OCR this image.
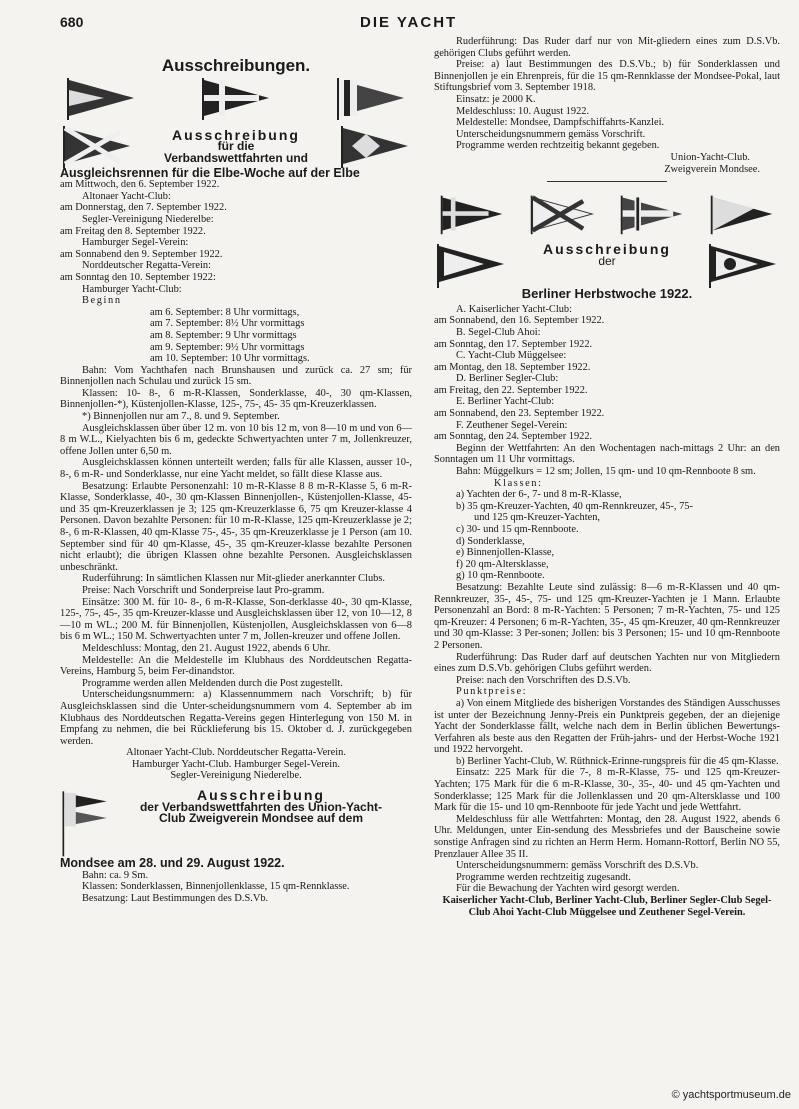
680	DIE YACHT
Ausschreibungen.
Ausschreibung
für die
Verbandswettfahrten und
Ausgleichsrennen für die Elbe-Woche auf der Elbe

am Mittwoch, den 6. September 1922.

Altonaer Yacht-Club:

am Donnerstag, den 7. September 1922.

Segler-Vereinigung Niederelbe:

am Freitag den 8. September 1922.

Hamburger Segel-Verein:

am Sonnabend den 9. September 1922.

Norddeutscher Regatta-Verein:

am Sonntag den 10. September 1922:

Hamburger Yacht-Club:

Beginn

am 6. September: 8 Uhr vormittags,

am 7. September: 8½ Uhr vormittags

am 8. September: 9 Uhr vormittags

am 9. September: 9½ Uhr vormittags

am 10. September: 10 Uhr vormittags.

Bahn: Vom Yachthafen nach Brunshausen und zurück ca. 27 sm; für Binnenjollen nach Schulau und zurück 15 sm.

Klassen: 10- 8-, 6 m-R-Klassen, Sonderklasse, 40-, 30 qm-Klassen, Binnenjollen-*), Küstenjollen-Klasse, 125-, 75-, 45- 35 qm-Kreuzerklassen.

*) Binnenjollen nur am 7., 8. und 9. September.

Ausgleichsklassen über über 12 m. von 10 bis 12 m, von 8—10 m und von 6—8 m W.L., Kielyachten bis 6 m, gedeckte Schwertyachten unter 7 m, Jollenkreuzer, offene Jollen unter 6,50 m.

Ausgleichsklassen können unterteilt werden; falls für alle Klassen, ausser 10-, 8-, 6 m-R- und Sonderklasse, nur eine Yacht meldet, so fällt diese Klasse aus.

Besatzung: Erlaubte Personenzahl: 10 m-R-Klasse 8 8 m-R-Klasse 5, 6 m-R-Klasse, Sonderklasse, 40-, 30 qm-Klassen Binnenjollen-, Küstenjollen-Klasse, 45- und 35 qm-Kreuzerklassen je 3; 125 qm-Kreuzerklasse 6, 75 qm Kreuzer-klasse 4 Personen. Davon bezahlte Personen: für 10 m-R-Klasse, 125 qm-Kreuzerklasse je 2; 8-, 6 m-R-Klassen, 40 qm-Klasse 75-, 45-, 35 qm-Kreuzerklasse je 1 Person (am 10. September sind für 40 qm-Klasse, 45-, 35 qm-Kreuzer-klasse bezahlte Personen nicht erlaubt); die übrigen Klassen ohne bezahlte Personen. Ausgleichsklassen unbeschränkt.

Ruderführung: In sämtlichen Klassen nur Mit-glieder anerkannter Clubs.

Preise: Nach Vorschrift und Sonderpreise laut Pro-gramm.

Einsätze: 300 M. für 10- 8-, 6 m-R-Klasse, Son-derklasse 40-, 30 qm-Klasse, 125-, 75-, 45-, 35 qm-Kreuzer-klasse und Ausgleichsklassen über 12, von 10—12, 8—10 m WL.; 200 M. für Binnenjollen, Küstenjollen, Ausgleichsklassen von 6—8 bis 6 m WL.; 150 M. Schwertyachten unter 7 m, Jollen-kreuzer und offene Jollen.

Meldeschluss: Montag, den 21. August 1922, abends 6 Uhr.

Meldestelle: An die Meldestelle im Klubhaus des Norddeutschen Regatta-Vereins, Hamburg 5, beim Fer-dinandstor.

Programme werden allen Meldenden durch die Post zugestellt.

Unterscheidungsnummern: a) Klassennummern nach Vorschrift; b) für Ausgleichsklassen sind die Unter-scheidungsnummern vom 4. September ab im Klubhaus des Norddeutschen Regatta-Vereins gegen Hinterlegung von 150 M. in Empfang zu nehmen, die bei Rücklieferung bis 15. Oktober d. J. zurückgegeben werden.

Altonaer Yacht-Club. Norddeutscher Regatta-Verein.

Hamburger Yacht-Club. Hamburger Segel-Verein.

Segler-Vereinigung Niederelbe.

Ausschreibung
der Verbandswettfahrten des Union-Yacht-
Club Zweigverein Mondsee auf dem
Mondsee am 28. und 29. August 1922.

Bahn: ca. 9 Sm.

Klassen: Sonderklassen, Binnenjollenklasse, 15 qm-Rennklasse.

Besatzung: Laut Bestimmungen des D.S.Vb.

Ruderführung: Das Ruder darf nur von Mit-gliedern eines zum D.S.Vb. gehörigen Clubs geführt werden.

Preise: a) laut Bestimmungen des D.S.Vb.; b) für Sonderklassen und Binnenjollen je ein Ehrenpreis, für die 15 qm-Rennklasse der Mondsee-Pokal, laut Stiftungsbrief vom 3. September 1918.

Einsatz: je 2000 K.

Meldeschluss: 10. August 1922.

Meldestelle: Mondsee, Dampfschiffahrts-Kanzlei.

Unterscheidungsnummern gemäss Vorschrift.

Programme werden rechtzeitig bekannt gegeben.

Union-Yacht-Club.

Zweigverein Mondsee.

Ausschreibung
der
Berliner Herbstwoche 1922.

A. Kaiserlicher Yacht-Club:

am Sonnabend, den 16. September 1922.

B. Segel-Club Ahoi:

am Sonntag, den 17. September 1922.

C. Yacht-Club Müggelsee:

am Montag, den 18. September 1922.

D. Berliner Segler-Club:

am Freitag, den 22. September 1922.

E. Berliner Yacht-Club:

am Sonnabend, den 23. September 1922.

F. Zeuthener Segel-Verein:

am Sonntag, den 24. September 1922.

Beginn der Wettfahrten: An den Wochentagen nach-mittags 2 Uhr: an den Sonntagen um 11 Uhr vormittags.

Bahn: Müggelkurs = 12 sm; Jollen, 15 qm- und 10 qm-Rennboote 8 sm.

Klassen:

a) Yachten der 6-, 7- und 8 m-R-Klasse,

b) 35 qm-Kreuzer-Yachten, 40 qm-Rennkreuzer, 45-, 75-

und 125 qm-Kreuzer-Yachten,

c) 30- und 15 qm-Rennboote.

d) Sonderklasse,

e) Binnenjollen-Klasse,

f) 20 qm-Altersklasse,

g) 10 qm-Rennboote.

Besatzung: Bezahlte Leute sind zulässig: 8—6 m-R-Klassen und 40 qm-Rennkreuzer, 35-, 45-, 75- und 125 qm-Kreuzer-Yachten je 1 Mann. Erlaubte Personenzahl an Bord: 8 m-R-Yachten: 5 Personen; 7 m-R-Yachten, 75- und 125 qm-Kreuzer: 4 Personen; 6 m-R-Yachten, 35-, 45 qm-Kreuzer, 40 qm-Rennkreuzer und 30 qm-Klasse: 3 Per-sonen; Jollen: bis 3 Personen; 15- und 10 qm-Rennboote 2 Personen.

Ruderführung: Das Ruder darf auf deutschen Yachten nur von Mitgliedern eines zum D.S.Vb. gehörigen Clubs geführt werden.

Preise: nach den Vorschriften des D.S.Vb.

Punktpreise:

a) Von einem Mitgliede des bisherigen Vorstandes des Ständigen Ausschusses ist unter der Bezeichnung Jenny-Preis ein Punktpreis gegeben, der an diejenige Yacht der Sonderklasse fällt, welche nach dem in Berlin üblichen Bewertungs-Verfahren als beste aus den Regatten der Früh-jahrs- und der Herbst-Woche 1921 und 1922 hervorgeht.

b) Berliner Yacht-Club, W. Rüthnick-Erinne-rungspreis für die 45 qm-Klasse.

Einsatz: 225 Mark für die 7-, 8 m-R-Klasse, 75- und 125 qm-Kreuzer-Yachten; 175 Mark für die 6 m-R-Klasse, 30-, 35-, 40- und 45 qm-Yachten und Sonderklasse; 125 Mark für die Jollenklassen und 20 qm-Altersklasse und 100 Mark für die 15- und 10 qm-Rennboote für jede Yacht und jede Wettfahrt.

Meldeschluss für alle Wettfahrten: Montag, den 28. August 1922, abends 6 Uhr. Meldungen, unter Ein-sendung des Messbriefes und der Bauscheine sowie sonstige Anfragen sind zu richten an Herrn Herm. Homann-Rottorf, Berlin NO 55, Prenzlauer Allee 35 II.

Unterscheidungsnummern: gemäss Vorschrift des D.S.Vb.

Programme werden rechtzeitig zugesandt.

Für die Bewachung der Yachten wird gesorgt werden.

Kaiserlicher Yacht-Club, Berliner Yacht-Club, Berliner Segler-Club Segel-Club Ahoi Yacht-Club Müggelsee und Zeuthener Segel-Verein.

© yachtsportmuseum.de
